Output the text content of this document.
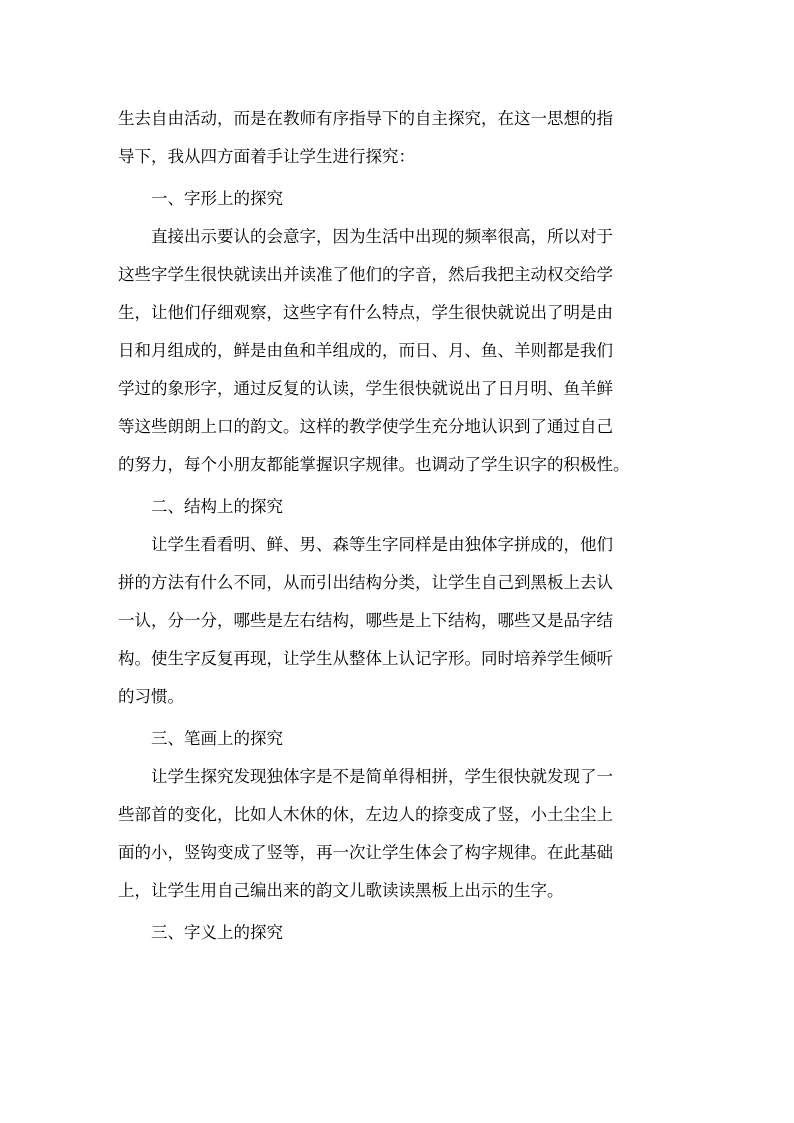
生去自由活动，而是在教师有序指导下的自主探究，在这一思想的指

导下，我从四方面着手让学生进行探究：

一、字形上的探究

直接出示要认的会意字，因为生活中出现的频率很高，所以对于

这些字学生很快就读出并读准了他们的字音，然后我把主动权交给学

生，让他们仔细观察，这些字有什么特点，学生很快就说出了明是由

日和月组成的，鲜是由鱼和羊组成的，而日、月、鱼、羊则都是我们

学过的象形字，通过反复的认读，学生很快就说出了日月明、鱼羊鲜

等这些朗朗上口的韵文。这样的教学使学生充分地认识到了通过自己

的努力，每个小朋友都能掌握识字规律。也调动了学生识字的积极性。

二、结构上的探究

让学生看看明、鲜、男、森等生字同样是由独体字拼成的，他们

拼的方法有什么不同，从而引出结构分类，让学生自己到黑板上去认

一认，分一分，哪些是左右结构，哪些是上下结构，哪些又是品字结

构。使生字反复再现，让学生从整体上认记字形。同时培养学生倾听

的习惯。

三、笔画上的探究

让学生探究发现独体字是不是简单得相拼，学生很快就发现了一

些部首的变化，比如人木休的休，左边人的捺变成了竖，小土尘尘上

面的小，竖钩变成了竖等，再一次让学生体会了构字规律。在此基础

上，让学生用自己编出来的韵文儿歌读读黑板上出示的生字。

三、字义上的探究
